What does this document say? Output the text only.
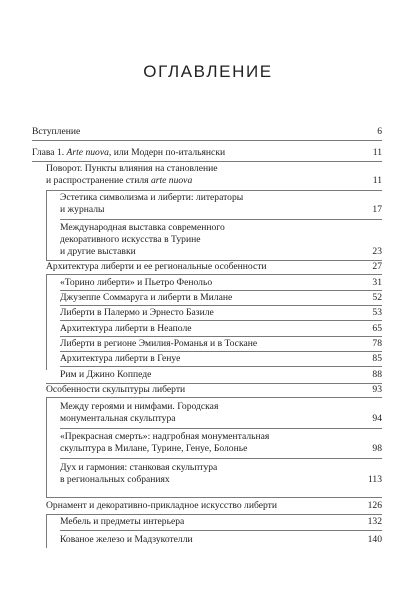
ОГЛАВЛЕНИЕ
Вступление	6
Глава 1. Arte nuova, или Модерн по-итальянски	11
Поворот. Пункты влияния на становление
и распространение стиля arte nuova	11
Эстетика символизма и либерти: литераторы
и журналы	17
Международная выставка современного
декоративного искусства в Турине
и другие выставки	23
Архитектура либерти и ее региональные особенности	27
«Торино либерти» и Пьетро Фенольо	31
Джузеппе Соммаруга и либерти в Милане	52
Либерти в Палермо и Эрнесто Базиле	53
Архитектура либерти в Неаполе	65
Либерти в регионе Эмилия-Романья и в Тоскане	78
Архитектура либерти в Генуе	85
Рим и Джино Коппеде	88
Особенности скульптуры либерти	93
Между героями и нимфами. Городская
монументальная скульптура	94
«Прекрасная смерть»: надгробная монументальная
скульптура в Милане, Турине, Генуе, Болонье	98
Дух и гармония: станковая скульптура
в региональных собраниях	113
Орнамент и декоративно-прикладное искусство либерти	126
Мебель и предметы интерьера	132
Кованое железо и Мадзукотелли	140
